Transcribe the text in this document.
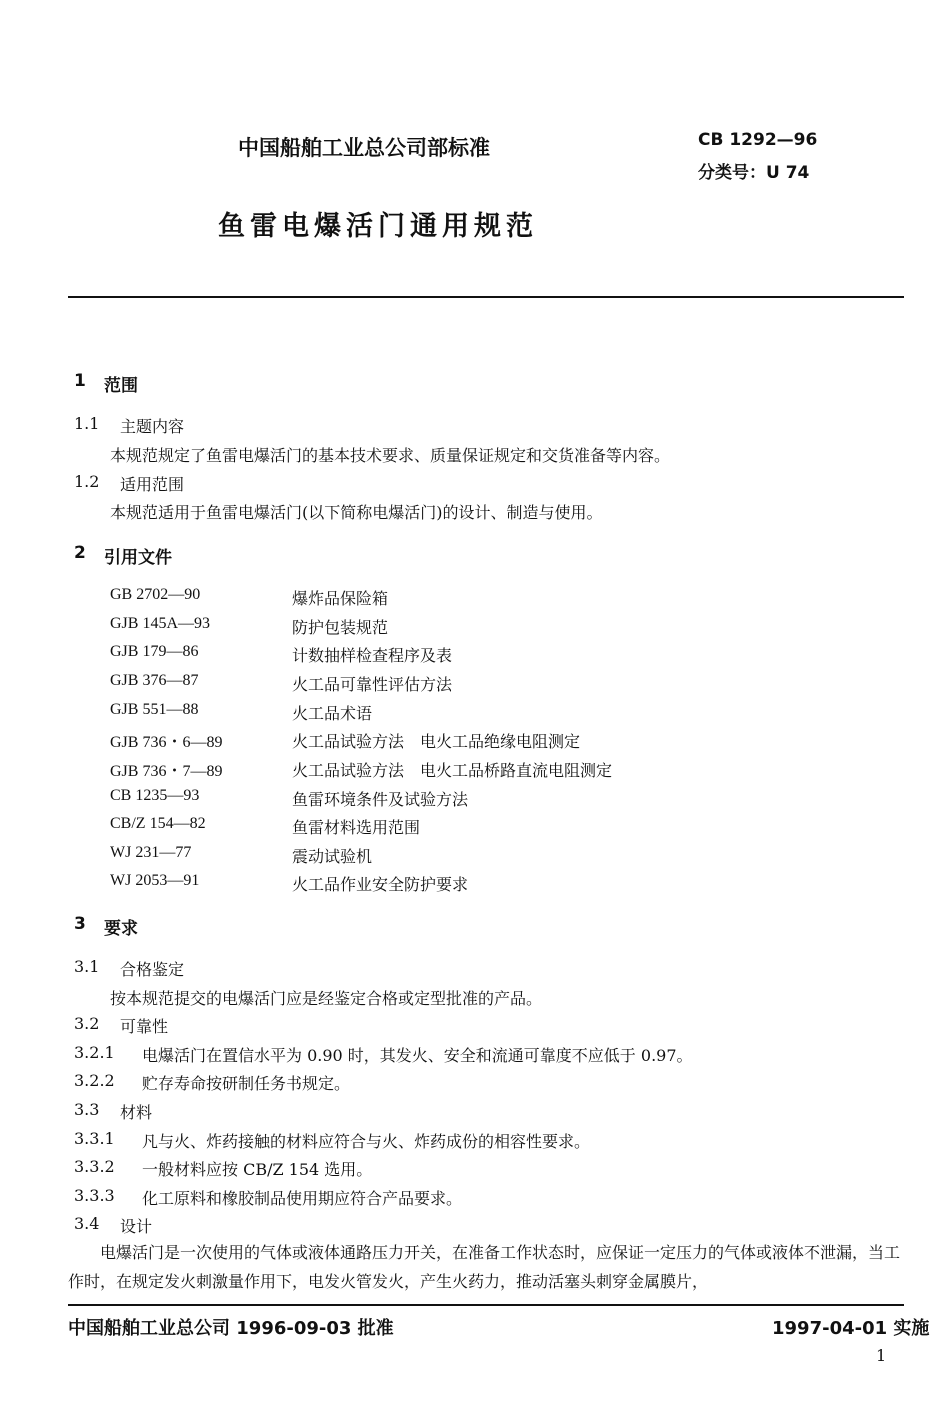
中国船舶工业总公司部标准	CB 1292—96
分类号：U 74
鱼雷电爆活门通用规范
1 范围
1.1 主题内容
本规范规定了鱼雷电爆活门的基本技术要求、质量保证规定和交货准备等内容。
1.2 适用范围
本规范适用于鱼雷电爆活门(以下简称电爆活门)的设计、制造与使用。
2 引用文件
GB 2702—90	爆炸品保险箱
GJB 145A—93	防护包装规范
GJB 179—86	计数抽样检查程序及表
GJB 376—87	火工品可靠性评估方法
GJB 551—88	火工品术语
GJB 736・6—89	火工品试验方法　电火工品绝缘电阻测定
GJB 736・7—89	火工品试验方法　电火工品桥路直流电阻测定
CB 1235—93	鱼雷环境条件及试验方法
CB/Z 154—82	鱼雷材料选用范围
WJ 231—77	震动试验机
WJ 2053—91	火工品作业安全防护要求
3 要求
3.1 合格鉴定
按本规范提交的电爆活门应是经鉴定合格或定型批准的产品。
3.2 可靠性
3.2.1 电爆活门在置信水平为 0.90 时，其发火、安全和流通可靠度不应低于 0.97。
3.2.2 贮存寿命按研制任务书规定。
3.3 材料
3.3.1 凡与火、炸药接触的材料应符合与火、炸药成份的相容性要求。
3.3.2 一般材料应按 CB/Z 154 选用。
3.3.3 化工原料和橡胶制品使用期应符合产品要求。
3.4 设计
电爆活门是一次使用的气体或液体通路压力开关，在准备工作状态时，应保证一定压力的气体或液体不泄漏，当工作时，在规定发火刺激量作用下，电发火管发火，产生火药力，推动活塞头刺穿金属膜片，
中国船舶工业总公司 1996-09-03 批准	1997-04-01 实施
1
